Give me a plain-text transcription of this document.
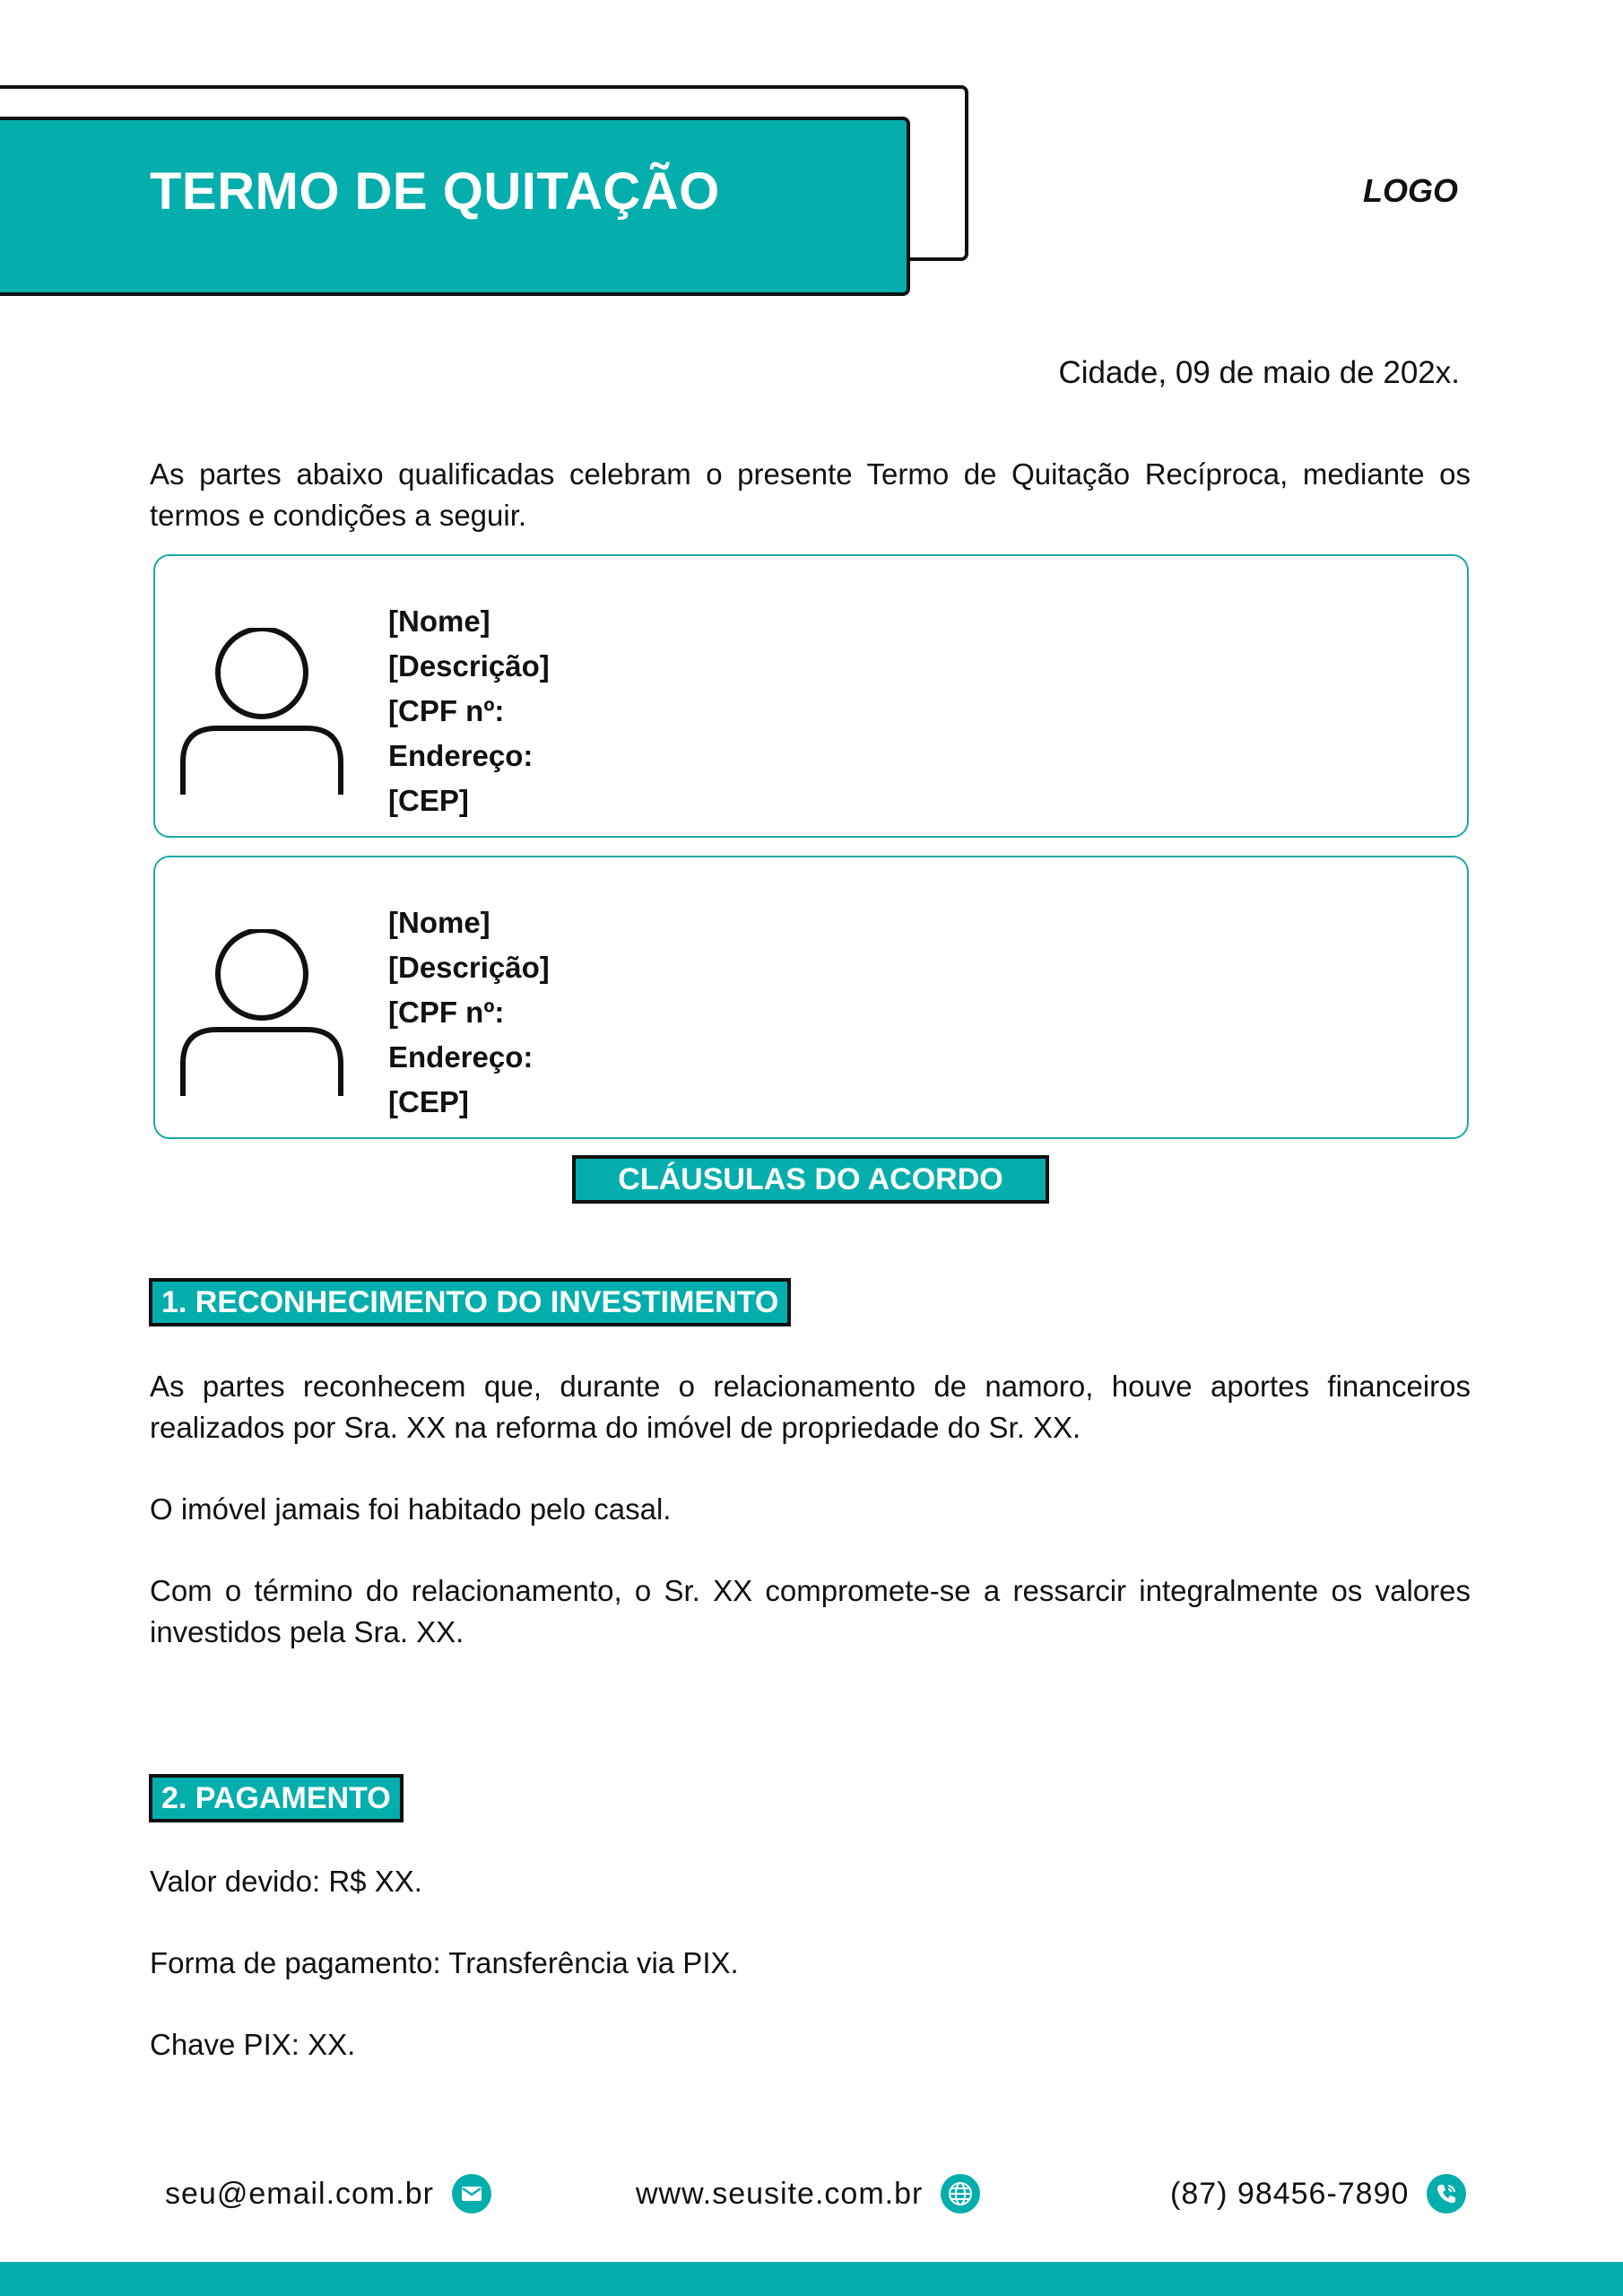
TERMO DE QUITAÇÃO	LOGO
Cidade, 09 de maio de 202x.
As partes abaixo qualificadas celebram o presente Termo de Quitação Recíproca, mediante os termos e condições a seguir.
[Nome]
[Descrição]
[CPF nº:
Endereço:
[CEP]
[Nome]
[Descrição]
[CPF nº:
Endereço:
[CEP]
CLÁUSULAS DO ACORDO
1. RECONHECIMENTO DO INVESTIMENTO
As partes reconhecem que, durante o relacionamento de namoro, houve aportes financeiros realizados por Sra. XX na reforma do imóvel de propriedade do Sr. XX.
O imóvel jamais foi habitado pelo casal.
Com o término do relacionamento, o Sr. XX compromete-se a ressarcir integralmente os valores investidos pela Sra. XX.
2. PAGAMENTO
Valor devido: R$ XX.
Forma de pagamento: Transferência via PIX.
Chave PIX: XX.
seu@email.com.br	www.seusite.com.br	(87) 98456-7890
